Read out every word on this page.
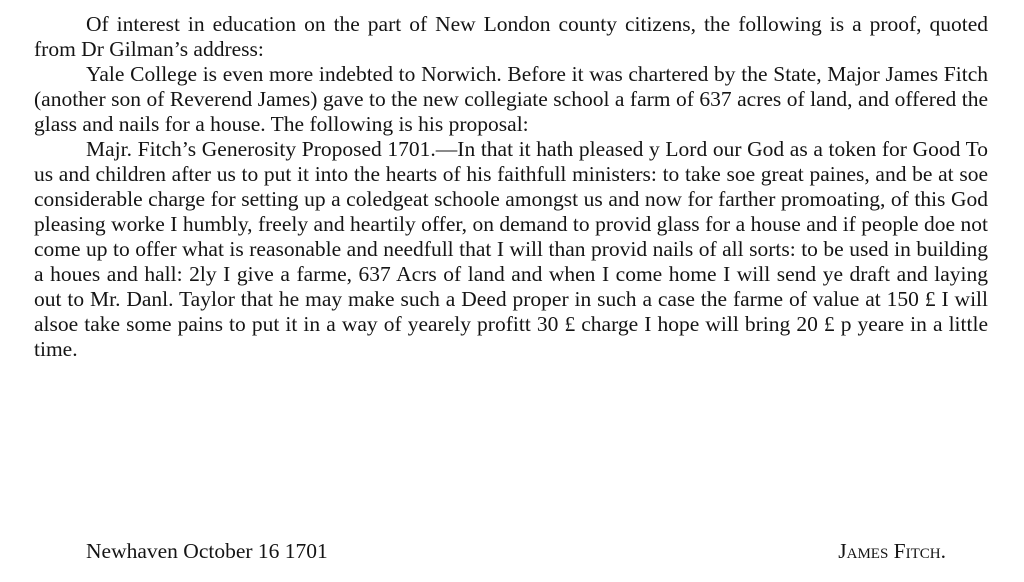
Of interest in education on the part of New London county citizens, the following is a proof, quoted from Dr Gilman’s address:

Yale College is even more indebted to Norwich. Before it was chartered by the State, Major James Fitch (another son of Reverend James) gave to the new collegiate school a farm of 637 acres of land, and offered the glass and nails for a house. The following is his proposal:

Majr. Fitch’s Generosity Proposed 1701.—In that it hath pleased y Lord our God as a token for Good To us and children after us to put it into the hearts of his faithfull ministers: to take soe great paines, and be at soe considerable charge for setting up a coledgeat schoole amongst us and now for farther promoating, of this God pleasing worke I humbly, freely and heartily offer, on demand to provid glass for a house and if people doe not come up to offer what is reasonable and needfull that I will than provid nails of all sorts: to be used in building a houes and hall: 2ly I give a farme, 637 Acrs of land and when I come home I will send ye draft and laying out to Mr. Danl. Taylor that he may make such a Deed proper in such a case the farme of value at 150 £ I will alsoe take some pains to put it in a way of yearely profitt 30 £ charge I hope will bring 20 £ p yeare in a little time.

Newhaven October 16 1701	James Fitch.
